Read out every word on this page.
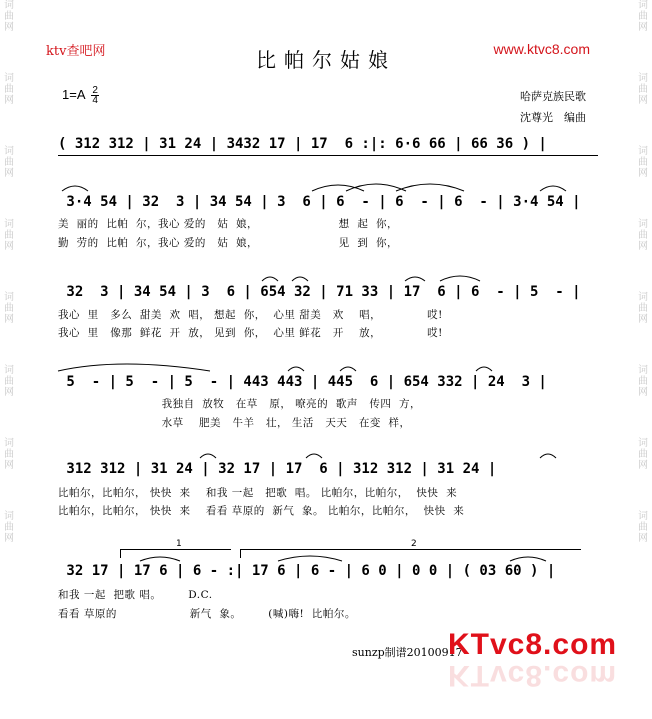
词
曲
网
词
曲
网
词
曲
网
词
曲
网
词
曲
网
词
曲
网
词
曲
网
词
曲
网
词
曲
网
词
曲
网
词
曲
网
词
曲
网
词
曲
网
词
曲
网
词
曲
网
词
曲
网
ktv查吧网	www.ktvc8.com
比帕尔姑娘
$1=A \frac{2}{4}$	哈萨克族民歌
沈尊光　编曲
( 312 312 | 31 24 | 3432 17 | 17  6 :|: 6·6 66 | 66 36 ) |
3·4 54 | 32  3 | 34 54 | 3  6 | 6  - | 6  - | 6  - | 3·4 54 |
美  丽的  比帕  尔，我心 爱的   姑  娘，                     想  起  你，
勤  劳的  比帕  尔，我心 爱的   姑  娘，                     见  到  你，
32  3 | 34 54 | 3  6 | 654 32 | 71 33 | 17  6 | 6  - | 5  - |
我心  里   多么  甜美  欢  唱， 想起  你，  心里 甜美   欢    唱，            哎!
我心  里   像那  鲜花  开  放， 见到  你，  心里 鲜花   开    放，            哎!
5  - | 5  - | 5  - | 443 443 | 445  6 | 654 332 | 24  3 |
我独自  放牧   在草   原， 嘹亮的  歌声   传四  方，
水草    肥美   牛羊   壮， 生活   天天   在变  样，
312 312 | 31 24 | 32 17 | 17  6 | 312 312 | 31 24 |
比帕尔，比帕尔， 快快  来    和我 一起   把歌  唱。 比帕尔，比帕尔，  快快  来
比帕尔，比帕尔， 快快  来    看看 草原的  新气  象。 比帕尔，比帕尔，  快快  来
1	2
32 17 | 17 6 | 6 - :| 17 6 | 6 - | 6 0 | 0 0 | ( 03 60 ) |
和我 一起  把歌 唱。       D.C.
看看 草原的                   新气  象。       (喊)嗨!  比帕尔。
sunzp制谱20100917
KTvc8.com
KTvc8.com
